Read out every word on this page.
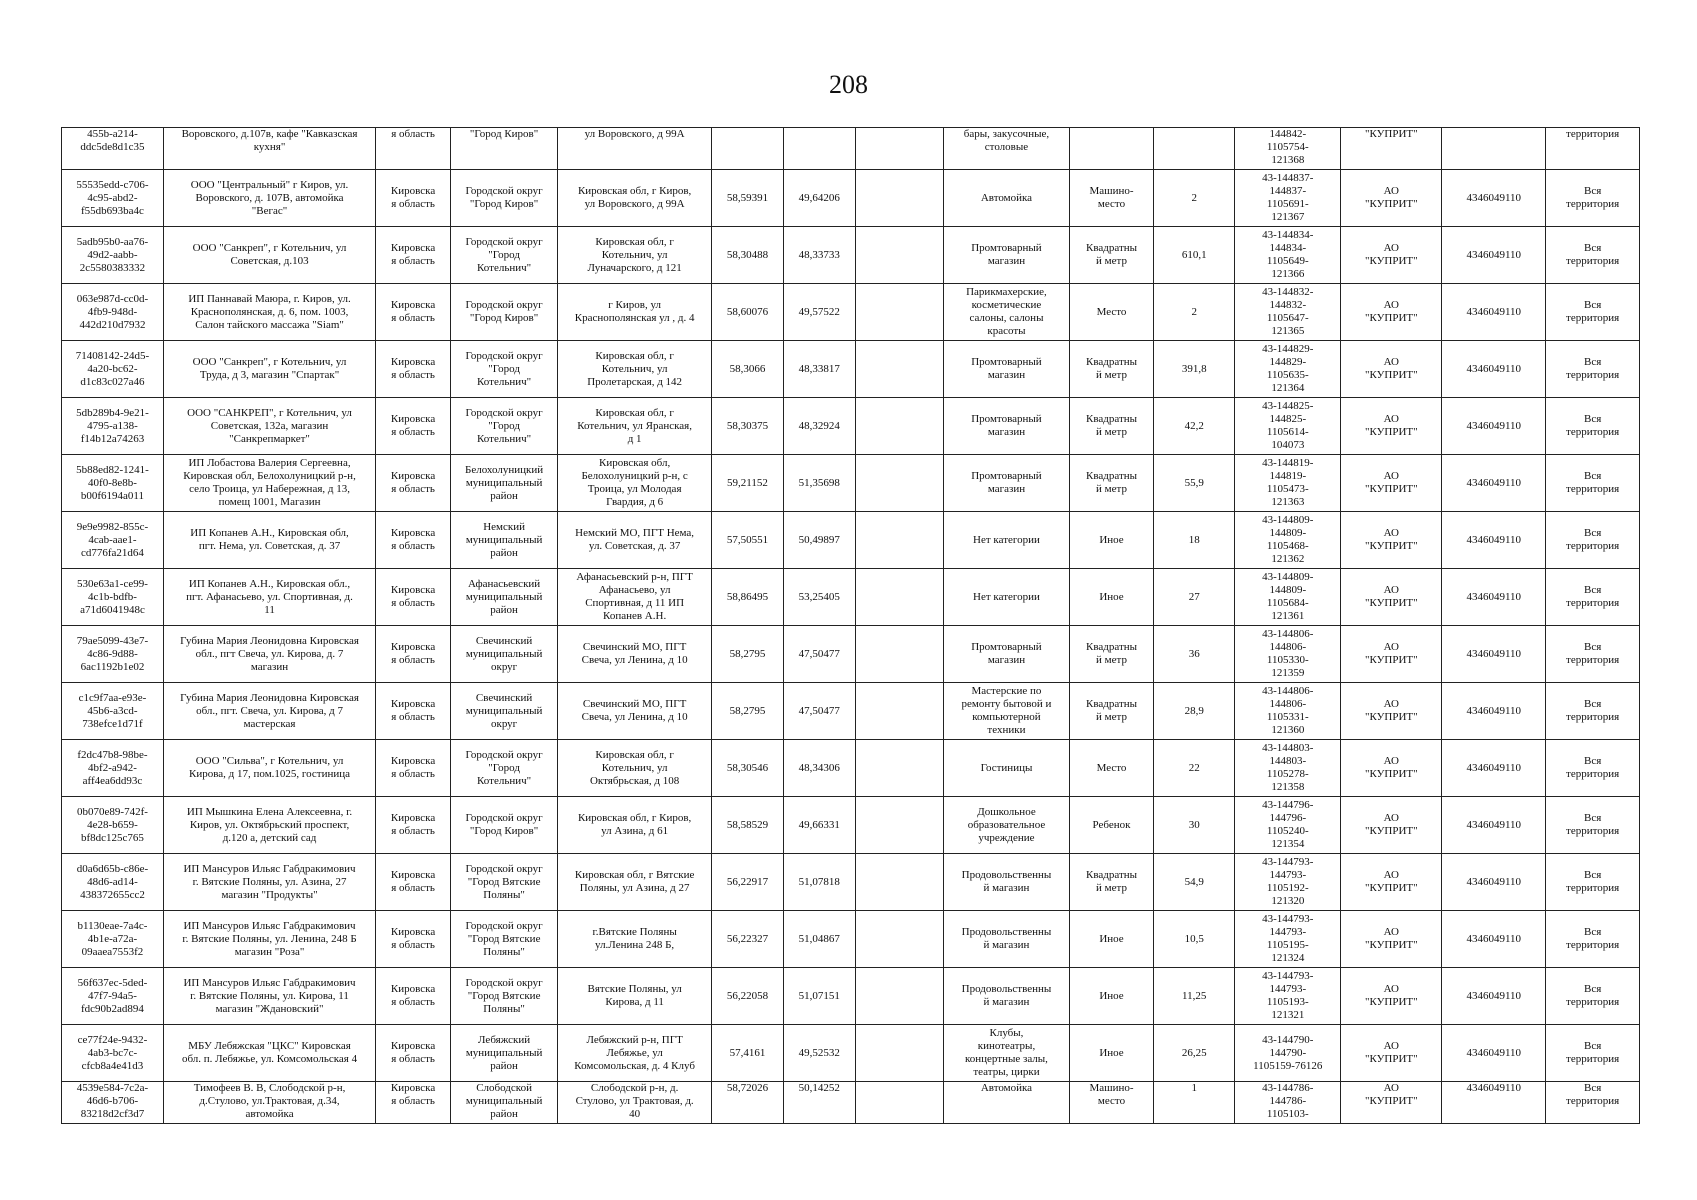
208
455b-a214-
ddc5de8d1c35	Воровского, д.107в, кафе "Кавказская
кухня"	я область	"Город Киров"	ул Воровского, д 99А				бары, закусочные,
столовые			144842-
1105754-
121368	"КУПРИТ"		территория
55535edd-c706-
4c95-abd2-
f55db693ba4c	ООО "Центральный" г Киров, ул.
Воровского, д. 107В, автомойка
"Вегас"	Кировска
я область	Городской округ
"Город Киров"	Кировская обл, г Киров,
ул Воровского, д 99А	58,59391	49,64206		Автомойка	Машино-
место	2	43-144837-
144837-
1105691-
121367	АО
"КУПРИТ"	4346049110	Вся
территория
5adb95b0-aa76-
49d2-aabb-
2c5580383332	ООО "Санкреп", г Котельнич, ул
Советская, д.103	Кировска
я область	Городской округ
"Город
Котельнич"	Кировская обл, г
Котельнич, ул
Луначарского, д 121	58,30488	48,33733		Промтоварный
магазин	Квадратны
й метр	610,1	43-144834-
144834-
1105649-
121366	АО
"КУПРИТ"	4346049110	Вся
территория
063e987d-cc0d-
4fb9-948d-
442d210d7932	ИП Паннавай Маюра, г. Киров, ул.
Краснополянская, д. 6, пом. 1003,
Салон тайского массажа "Siam"	Кировска
я область	Городской округ
"Город Киров"	г Киров, ул
Краснополянская ул , д. 4	58,60076	49,57522		Парикмахерские,
косметические
салоны, салоны
красоты	Место	2	43-144832-
144832-
1105647-
121365	АО
"КУПРИТ"	4346049110	Вся
территория
71408142-24d5-
4a20-bc62-
d1c83c027a46	ООО "Санкреп", г Котельнич, ул
Труда, д 3, магазин "Спартак"	Кировска
я область	Городской округ
"Город
Котельнич"	Кировская обл, г
Котельнич, ул
Пролетарская, д 142	58,3066	48,33817		Промтоварный
магазин	Квадратны
й метр	391,8	43-144829-
144829-
1105635-
121364	АО
"КУПРИТ"	4346049110	Вся
территория
5db289b4-9e21-
4795-a138-
f14b12a74263	ООО "САНКРЕП", г Котельнич, ул
Советская, 132а, магазин
"Санкрепмаркет"	Кировска
я область	Городской округ
"Город
Котельнич"	Кировская обл, г
Котельнич, ул Яранская,
д 1	58,30375	48,32924		Промтоварный
магазин	Квадратны
й метр	42,2	43-144825-
144825-
1105614-
104073	АО
"КУПРИТ"	4346049110	Вся
территория
5b88ed82-1241-
40f0-8e8b-
b00f6194a011	ИП Лобастова Валерия Сергеевна,
Кировская обл, Белохолуницкий р-н,
село Троица, ул Набережная, д 13,
помещ 1001, Магазин	Кировска
я область	Белохолуницкий
муниципальный
район	Кировская обл,
Белохолуницкий р-н, с
Троица, ул Молодая
Гвардия, д 6	59,21152	51,35698		Промтоварный
магазин	Квадратны
й метр	55,9	43-144819-
144819-
1105473-
121363	АО
"КУПРИТ"	4346049110	Вся
территория
9e9e9982-855c-
4cab-aae1-
cd776fa21d64	ИП Копанев А.Н., Кировская обл,
пгт. Нема, ул. Советская, д. 37	Кировска
я область	Немский
муниципальный
район	Немский МО, ПГТ Нема,
ул. Советская, д. 37	57,50551	50,49897		Нет категории	Иное	18	43-144809-
144809-
1105468-
121362	АО
"КУПРИТ"	4346049110	Вся
территория
530e63a1-ce99-
4c1b-bdfb-
a71d6041948c	ИП Копанев А.Н., Кировская обл.,
пгт. Афанасьево, ул. Спортивная, д.
11	Кировска
я область	Афанасьевский
муниципальный
район	Афанасьевский р-н, ПГТ
Афанасьево, ул
Спортивная, д 11 ИП
Копанев А.Н.	58,86495	53,25405		Нет категории	Иное	27	43-144809-
144809-
1105684-
121361	АО
"КУПРИТ"	4346049110	Вся
территория
79ae5099-43e7-
4c86-9d88-
6ac1192b1e02	Губина Мария Леонидовна Кировская
обл., пгт Свеча, ул. Кирова, д. 7
магазин	Кировска
я область	Свечинский
муниципальный
округ	Свечинский МО, ПГТ
Свеча, ул Ленина, д 10	58,2795	47,50477		Промтоварный
магазин	Квадратны
й метр	36	43-144806-
144806-
1105330-
121359	АО
"КУПРИТ"	4346049110	Вся
территория
c1c9f7aa-e93e-
45b6-a3cd-
738efce1d71f	Губина Мария Леонидовна Кировская
обл., пгт. Свеча, ул. Кирова, д 7
мастерская	Кировска
я область	Свечинский
муниципальный
округ	Свечинский МО, ПГТ
Свеча, ул Ленина, д 10	58,2795	47,50477		Мастерские по
ремонту бытовой и
компьютерной
техники	Квадратны
й метр	28,9	43-144806-
144806-
1105331-
121360	АО
"КУПРИТ"	4346049110	Вся
территория
f2dc47b8-98be-
4bf2-a942-
aff4ea6dd93c	ООО "Сильва", г Котельнич, ул
Кирова, д 17, пом.1025, гостиница	Кировска
я область	Городской округ
"Город
Котельнич"	Кировская обл, г
Котельнич, ул
Октябрьская, д 108	58,30546	48,34306		Гостиницы	Место	22	43-144803-
144803-
1105278-
121358	АО
"КУПРИТ"	4346049110	Вся
территория
0b070e89-742f-
4e28-b659-
bf8dc125c765	ИП Мышкина Елена Алексеевна, г.
Киров, ул. Октябрьский проспект,
д.120 а, детский сад	Кировска
я область	Городской округ
"Город Киров"	Кировская обл, г Киров,
ул Азина, д 61	58,58529	49,66331		Дошкольное
образовательное
учреждение	Ребенок	30	43-144796-
144796-
1105240-
121354	АО
"КУПРИТ"	4346049110	Вся
территория
d0a6d65b-c86e-
48d6-ad14-
438372655cc2	ИП Мансуров Ильяс Габдракимович
г. Вятские Поляны, ул. Азина, 27
магазин "Продукты"	Кировска
я область	Городской округ
"Город Вятские
Поляны"	Кировская обл, г Вятские
Поляны, ул Азина, д 27	56,22917	51,07818		Продовольственны
й магазин	Квадратны
й метр	54,9	43-144793-
144793-
1105192-
121320	АО
"КУПРИТ"	4346049110	Вся
территория
b1130eae-7a4c-
4b1e-a72a-
09aaea7553f2	ИП Мансуров Ильяс Габдракимович
г. Вятские Поляны, ул. Ленина, 248 Б
магазин "Роза"	Кировска
я область	Городской округ
"Город Вятские
Поляны"	г.Вятские Поляны
ул.Ленина 248 Б,	56,22327	51,04867		Продовольственны
й магазин	Иное	10,5	43-144793-
144793-
1105195-
121324	АО
"КУПРИТ"	4346049110	Вся
территория
56f637ec-5ded-
47f7-94a5-
fdc90b2ad894	ИП Мансуров Ильяс Габдракимович
г. Вятские Поляны, ул. Кирова, 11
магазин "Ждановский"	Кировска
я область	Городской округ
"Город Вятские
Поляны"	Вятские Поляны, ул
Кирова, д 11	56,22058	51,07151		Продовольственны
й магазин	Иное	11,25	43-144793-
144793-
1105193-
121321	АО
"КУПРИТ"	4346049110	Вся
территория
ce77f24e-9432-
4ab3-bc7c-
cfcb8a4e41d3	МБУ Лебяжская "ЦКС" Кировская
обл. п. Лебяжье, ул. Комсомольская 4	Кировска
я область	Лебяжский
муниципальный
район	Лебяжский р-н, ПГТ
Лебяжье, ул
Комсомольская, д. 4 Клуб	57,4161	49,52532		Клубы,
кинотеатры,
концертные залы,
театры, цирки	Иное	26,25	43-144790-
144790-
1105159-76126	АО
"КУПРИТ"	4346049110	Вся
территория
4539e584-7c2a-
46d6-b706-
83218d2cf3d7	Тимофеев В. В, Слободской р-н,
д.Стулово, ул.Трактовая, д.34,
автомойка	Кировска
я область	Слободской
муниципальный
район	Слободской р-н, д.
Стулово, ул Трактовая, д.
40	58,72026	50,14252		Автомойка	Машино-
место	1	43-144786-
144786-
1105103-	АО
"КУПРИТ"	4346049110	Вся
территория
